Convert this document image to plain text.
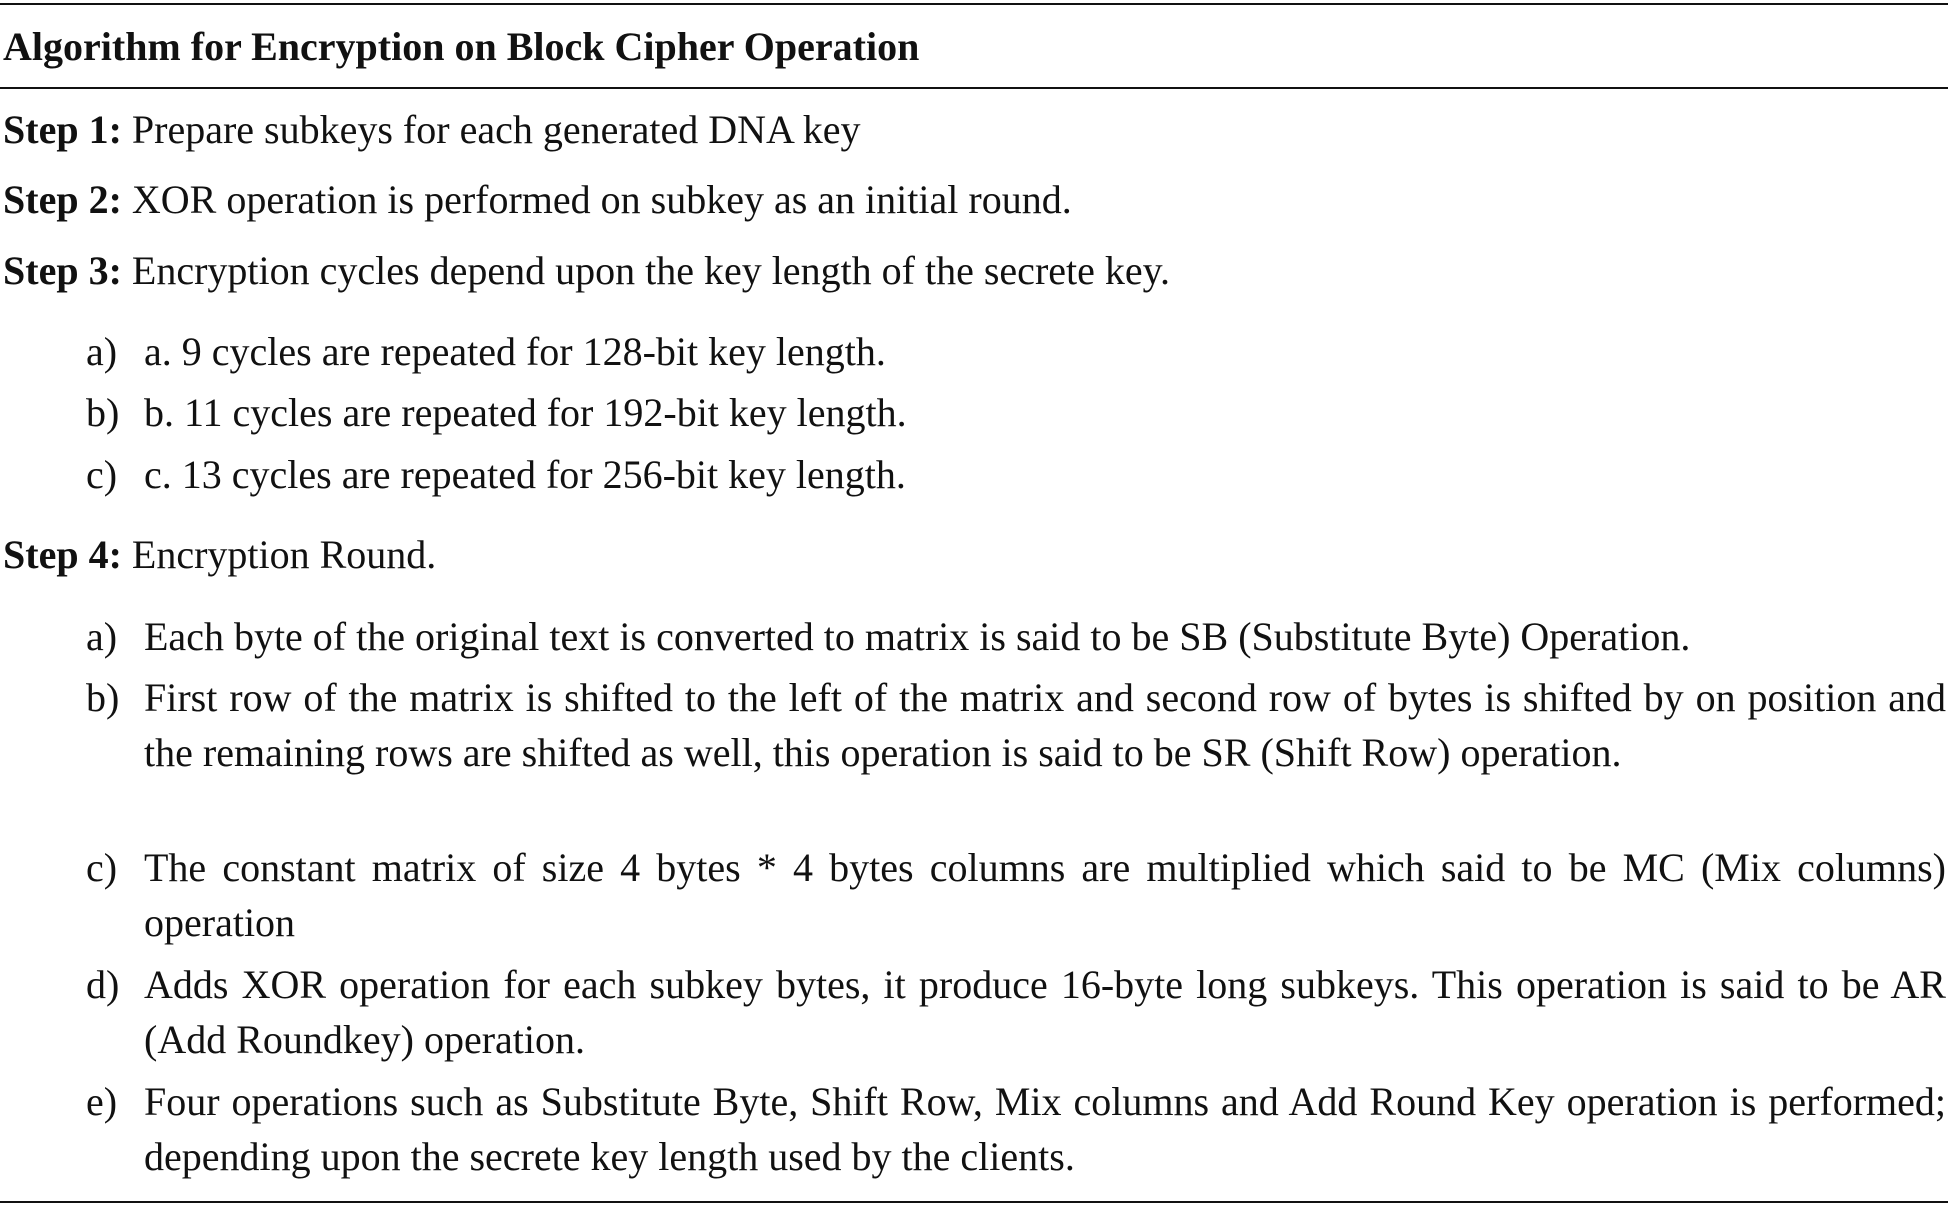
Algorithm for Encryption on Block Cipher Operation
Step 1: Prepare subkeys for each generated DNA key
Step 2: XOR operation is performed on subkey as an initial round.
Step 3: Encryption cycles depend upon the key length of the secrete key.
a) a. 9 cycles are repeated for 128-bit key length.
b) b. 11 cycles are repeated for 192-bit key length.
c) c. 13 cycles are repeated for 256-bit key length.
Step 4: Encryption Round.
a) Each byte of the original text is converted to matrix is said to be SB (Substitute Byte) Operation.
b) First row of the matrix is shifted to the left of the matrix and second row of bytes is shifted by on position and the remaining rows are shifted as well, this operation is said to be SR (Shift Row) operation.
c) The constant matrix of size 4 bytes * 4 bytes columns are multiplied which said to be MC (Mix columns) operation
d) Adds XOR operation for each subkey bytes, it produce 16-byte long subkeys. This operation is said to be AR (Add Roundkey) operation.
e) Four operations such as Substitute Byte, Shift Row, Mix columns and Add Round Key operation is performed; depending upon the secrete key length used by the clients.
